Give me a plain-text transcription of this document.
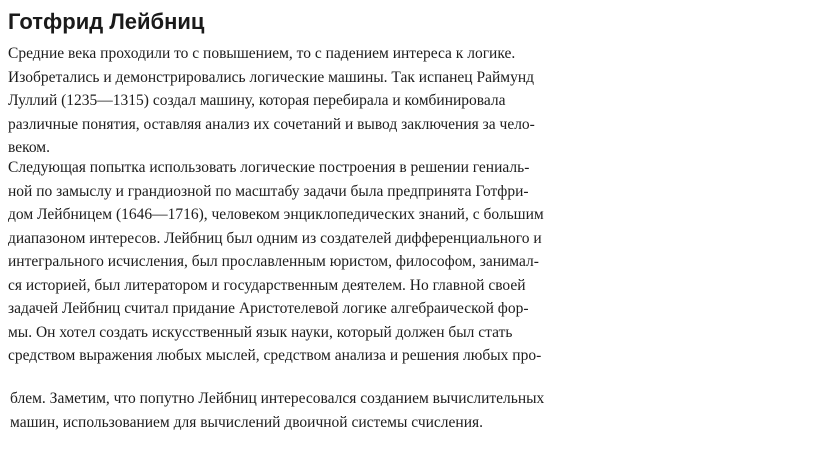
Готфрид Лейбниц
Средние века проходили то с повышением, то с падением интереса к логике.
Изобретались и демонстрировались логические машины. Так испанец Раймунд
Луллий (1235—1315) создал машину, которая перебирала и комбинировала
различные понятия, оставляя анализ их сочетаний и вывод заключения за чело-
веком.
Следующая попытка использовать логические построения в решении гениаль-
ной по замыслу и грандиозной по масштабу задачи была предпринята Готфри-
дом Лейбницем (1646—1716), человеком энциклопедических знаний, с большим
диапазоном интересов. Лейбниц был одним из создателей дифференциального и
интегрального исчисления, был прославленным юристом, философом, занимал-
ся историей, был литератором и государственным деятелем. Но главной своей
задачей Лейбниц считал придание Аристотелевой логике алгебраической фор-
мы. Он хотел создать искусственный язык науки, который должен был стать
средством выражения любых мыслей, средством анализа и решения любых про-
блем. Заметим, что попутно Лейбниц интересовался созданием вычислительных
машин, использованием для вычислений двоичной системы счисления.
